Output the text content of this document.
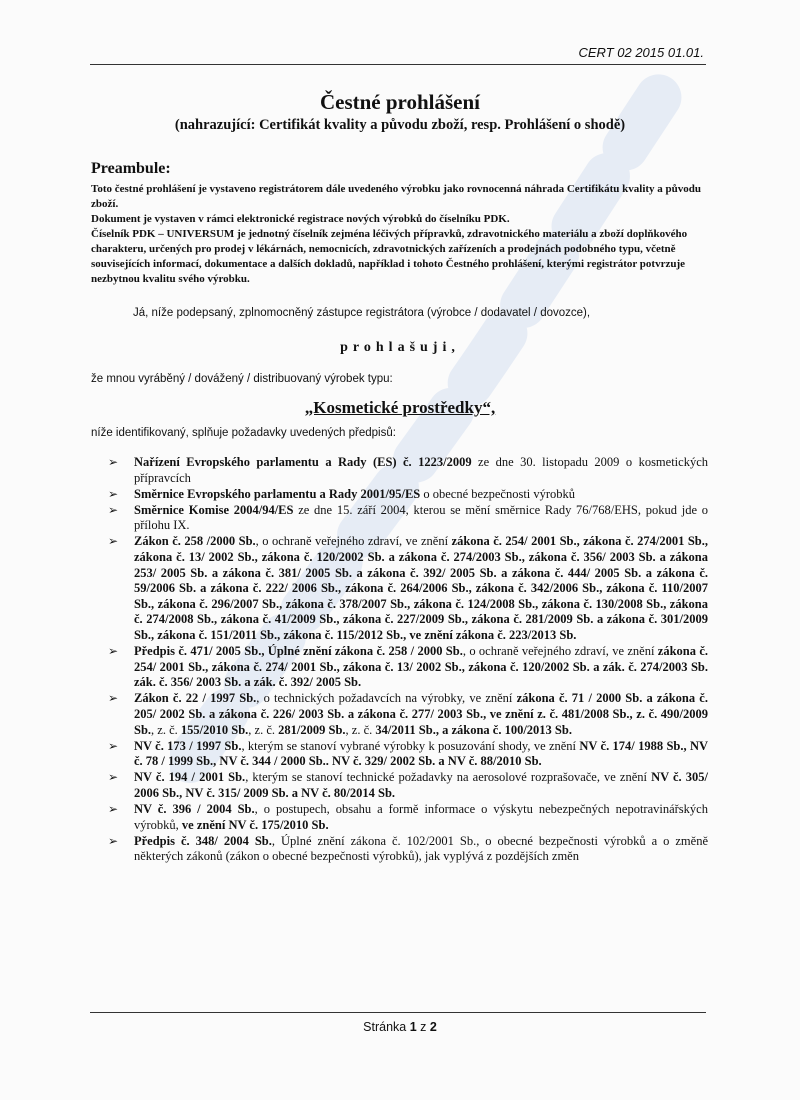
CERT 02 2015 01.01.
Čestné prohlášení
(nahrazující: Certifikát kvality a původu zboží, resp. Prohlášení o shodě)
Preambule:

Toto čestné prohlášení je vystaveno registrátorem dále uvedeného výrobku jako rovnocenná náhrada Certifikátu kvality a původu zboží.

Dokument je vystaven v rámci elektronické registrace nových výrobků do číselníku PDK.

Číselník PDK – UNIVERSUM je jednotný číselník zejména léčivých přípravků, zdravotnického materiálu a zboží doplňkového charakteru, určených pro prodej v lékárnách, nemocnicích, zdravotnických zařízeních a prodejnách podobného typu, včetně souvisejících informací, dokumentace a dalších dokladů, například i tohoto Čestného prohlášení, kterými registrátor potvrzuje nezbytnou kvalitu svého výrobku.

Já, níže podepsaný, zplnomocněný zástupce registrátora (výrobce / dodavatel / dovozce),
prohlašuji,
že mnou vyráběný / dovážený / distribuovaný výrobek typu:
„Kosmetické prostředky“,
níže identifikovaný, splňuje požadavky uvedených předpisů:
➢ Nařízení Evropského parlamentu a Rady (ES) č. 1223/2009 ze dne 30. listopadu 2009 o kosmetických přípravcích
➢ Směrnice Evropského parlamentu a Rady 2001/95/ES o obecné bezpečnosti výrobků
➢ Směrnice Komise 2004/94/ES ze dne 15. září 2004, kterou se mění směrnice Rady 76/768/EHS, pokud jde o přílohu IX.
➢ Zákon č. 258 /2000 Sb., o ochraně veřejného zdraví, ve znění zákona č. 254/ 2001 Sb., zákona č. 274/2001 Sb., zákona č. 13/ 2002 Sb., zákona č. 120/2002 Sb. a zákona č. 274/2003 Sb., zákona č. 356/ 2003 Sb. a zákona 253/ 2005 Sb. a zákona č. 381/ 2005 Sb. a zákona č. 392/ 2005 Sb. a zákona č. 444/ 2005 Sb. a zákona č. 59/2006 Sb. a zákona č. 222/ 2006 Sb., zákona č. 264/2006 Sb., zákona č. 342/2006 Sb., zákona č. 110/2007 Sb., zákona č. 296/2007 Sb., zákona č. 378/2007 Sb., zákona č. 124/2008 Sb., zákona č. 130/2008 Sb., zákona č. 274/2008 Sb., zákona č. 41/2009 Sb., zákona č. 227/2009 Sb., zákona č. 281/2009 Sb. a zákona č. 301/2009 Sb., zákona č. 151/2011 Sb., zákona č. 115/2012 Sb., ve znění zákona č. 223/2013 Sb.
➢ Předpis č. 471/ 2005 Sb., Úplné znění zákona č. 258 / 2000 Sb., o ochraně veřejného zdraví, ve znění zákona č. 254/ 2001 Sb., zákona č. 274/ 2001 Sb., zákona č. 13/ 2002 Sb., zákona č. 120/2002 Sb. a zák. č. 274/2003 Sb. zák. č. 356/ 2003 Sb. a zák. č. 392/ 2005 Sb.
➢ Zákon č. 22 / 1997 Sb., o technických požadavcích na výrobky, ve znění zákona č. 71 / 2000 Sb. a zákona č. 205/ 2002 Sb. a zákona č. 226/ 2003 Sb. a zákona č. 277/ 2003 Sb., ve znění z. č. 481/2008 Sb., z. č. 490/2009 Sb., z. č. 155/2010 Sb., z. č. 281/2009 Sb., z. č. 34/2011 Sb., a zákona č. 100/2013 Sb.
➢ NV č. 173 / 1997 Sb., kterým se stanoví vybrané výrobky k posuzování shody, ve znění NV č. 174/ 1988 Sb., NV č. 78 / 1999 Sb., NV č. 344 / 2000 Sb.. NV č. 329/ 2002 Sb. a NV č. 88/2010 Sb.
➢ NV č. 194 / 2001 Sb., kterým se stanoví technické požadavky na aerosolové rozprašovače, ve znění NV č. 305/ 2006 Sb., NV č. 315/ 2009 Sb. a NV č. 80/2014 Sb.
➢ NV č. 396 / 2004 Sb., o postupech, obsahu a formě informace o výskytu nebezpečných nepotravinářských výrobků, ve znění NV č. 175/2010 Sb.
➢ Předpis č. 348/ 2004 Sb., Úplné znění zákona č. 102/2001 Sb., o obecné bezpečnosti výrobků a o změně některých zákonů (zákon o obecné bezpečnosti výrobků), jak vyplývá z pozdějších změn
Stránka 1 z 2
